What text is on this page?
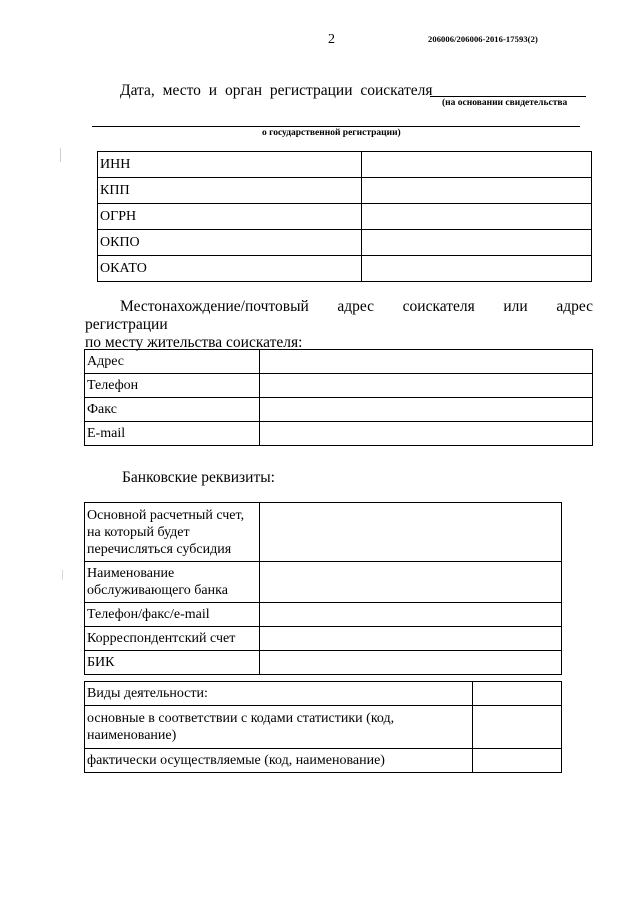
2	206006/206006-2016-17593(2)
Дата, место и орган регистрации соискателя
(на основании свидетельства
о государственной регистрации)
ИНН	
КПП	
ОГРН	
ОКПО	
ОКАТО	
Местонахождение/почтовый адрес соискателя или адрес регистрации
по месту жительства соискателя:
Адрес	
Телефон	
Факс	
E-mail	
Банковские реквизиты:
Основной расчетный счет, на который будет перечисляться субсидия	
Наименование обслуживающего банка	
Телефон/факс/e-mail	
Корреспондентский счет	
БИК	
Виды деятельности:	
основные в соответствии с кодами статистики (код, наименование)	
фактически осуществляемые (код, наименование)	
